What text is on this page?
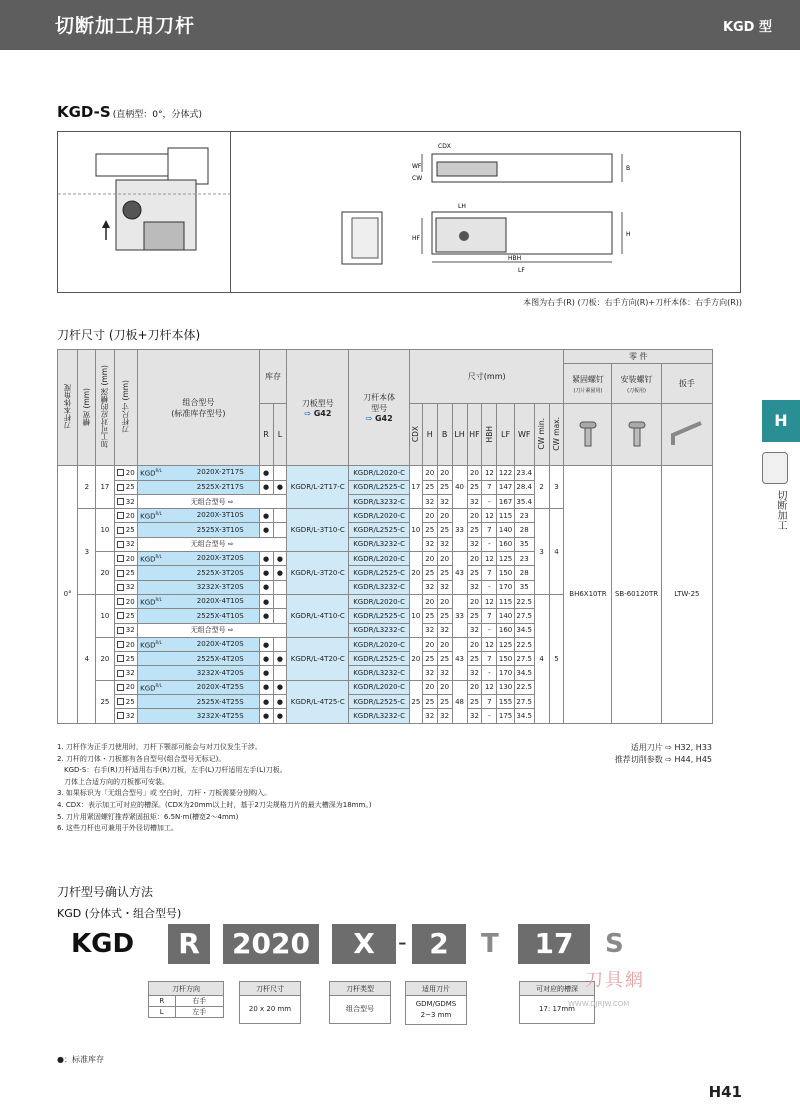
切断加工用刀杆	KGD 型
KGD-S (直柄型：0°，分体式)
CDX
WF
CW
LH
HF
H
HBH
LF
B
本图为右手(R) (刀板：右手方向(R)+刀杆本体：右手方向(R))
刀杆尺寸 (刀板+刀杆本体)
H
切断加工
刀杆本体角度	槽宽 (mm)	加工可对应的槽深 (mm)	刀杆尺寸 (mm)	组合型号
(标准库存型号)	库存		刀板型号
⇨ G42	刀杆本体
型号
⇨ G42	尺寸(mm)										零 件		
																			紧固螺钉
(刀片紧固用)	安装螺钉
(刀板用)	扳手
					R	L			CDX	H	B	LH	HF	HBH	LF	WF	CW min.	CW max.			
0°	2	17	20	$KGD^{R/L}$ 2020X-2T17S	●		KGDR/L-2T17-C	KGDR/L2020-C	17	20	20	40	20	12	122	23.4	2	3	BH6X10TR	SB-60120TR	LTW-25
			25	2525X-2T17S	●	●		KGDR/L2525-C		25	25		25	7	147	28.4					
			32	无组合型号 ⇨				KGDR/L3232-C		32	32		32	-	167	35.4					
	3	10	20	$KGD^{R/L}$ 2020X-3T10S	●		KGDR/L-3T10-C	KGDR/L2020-C	10	20	20	33	20	12	115	23	3	4			
			25	2525X-3T10S	●			KGDR/L2525-C		25	25		25	7	140	28					
			32	无组合型号 ⇨				KGDR/L3232-C		32	32		32	-	160	35					
		20	20	$KGD^{R/L}$ 2020X-3T20S	●	●	KGDR/L-3T20-C	KGDR/L2020-C	20	20	20	43	20	12	125	23					
			25	2525X-3T20S	●	●		KGDR/L2525-C		25	25		25	7	150	28					
			32	3232X-3T20S	●			KGDR/L3232-C		32	32		32	-	170	35					
	4	10	20	$KGD^{R/L}$ 2020X-4T10S	●		KGDR/L-4T10-C	KGDR/L2020-C	10	20	20	33	20	12	115	22.5	4	5			
			25	2525X-4T10S	●			KGDR/L2525-C		25	25		25	7	140	27.5					
			32	无组合型号 ⇨				KGDR/L3232-C		32	32		32	-	160	34.5					
		20	20	$KGD^{R/L}$ 2020X-4T20S	●		KGDR/L-4T20-C	KGDR/L2020-C	20	20	20	43	20	12	125	22.5					
			25	2525X-4T20S	●	●		KGDR/L2525-C		25	25		25	7	150	27.5					
			32	3232X-4T20S	●			KGDR/L3232-C		32	32		32	-	170	34.5					
		25	20	$KGD^{R/L}$ 2020X-4T25S	●	●	KGDR/L-4T25-C	KGDR/L2020-C	25	20	20	48	20	12	130	22.5					
			25	2525X-4T25S	●	●		KGDR/L2525-C		25	25		25	7	155	27.5					
			32	3232X-4T25S	●	●		KGDR/L3232-C		32	32		32	-	175	34.5					
1. 刀杆作为正手刀使用时，刀杆下颚部可能会与对刀仪发生干涉。
2. 刀杆的刀体・刀板都有各自型号(组合型号无标记)。
　KGD-S：右手(R)刀杆适用右手(R)刀板，左手(L)刀杆适用左手(L)刀板。
　刀体上合适方向的刀板都可安装。
3. 如果标识为「无组合型号」或 空白时，刀杆・刀板需要分别购入。
4. CDX：表示加工可对应的槽深。(CDX为20mm以上时，基于2刀尖规格刀片的最大槽深为18mm。)
5. 刀片用紧固螺钉推荐紧固扭矩：6.5N·m(槽宽2～4mm)
6. 这些刀杆也可兼用于外径切槽加工。
适用刀片 ⇨ H32, H33
推荐切削参数 ⇨ H44, H45
刀杆型号确认方法
KGD (分体式・组合型号)
KGD	R	2020	X - 2	T	17	S
刀杆方向
R	右手
L	左手
刀杆尺寸
20 x 20 mm
刀杆类型
组合型号
适用刀片
GDM/GDMS
2~3 mm
可对应的槽深
17: 17mm
刀具網
WWW.DJRJW.COM
●：标准库存
H41
